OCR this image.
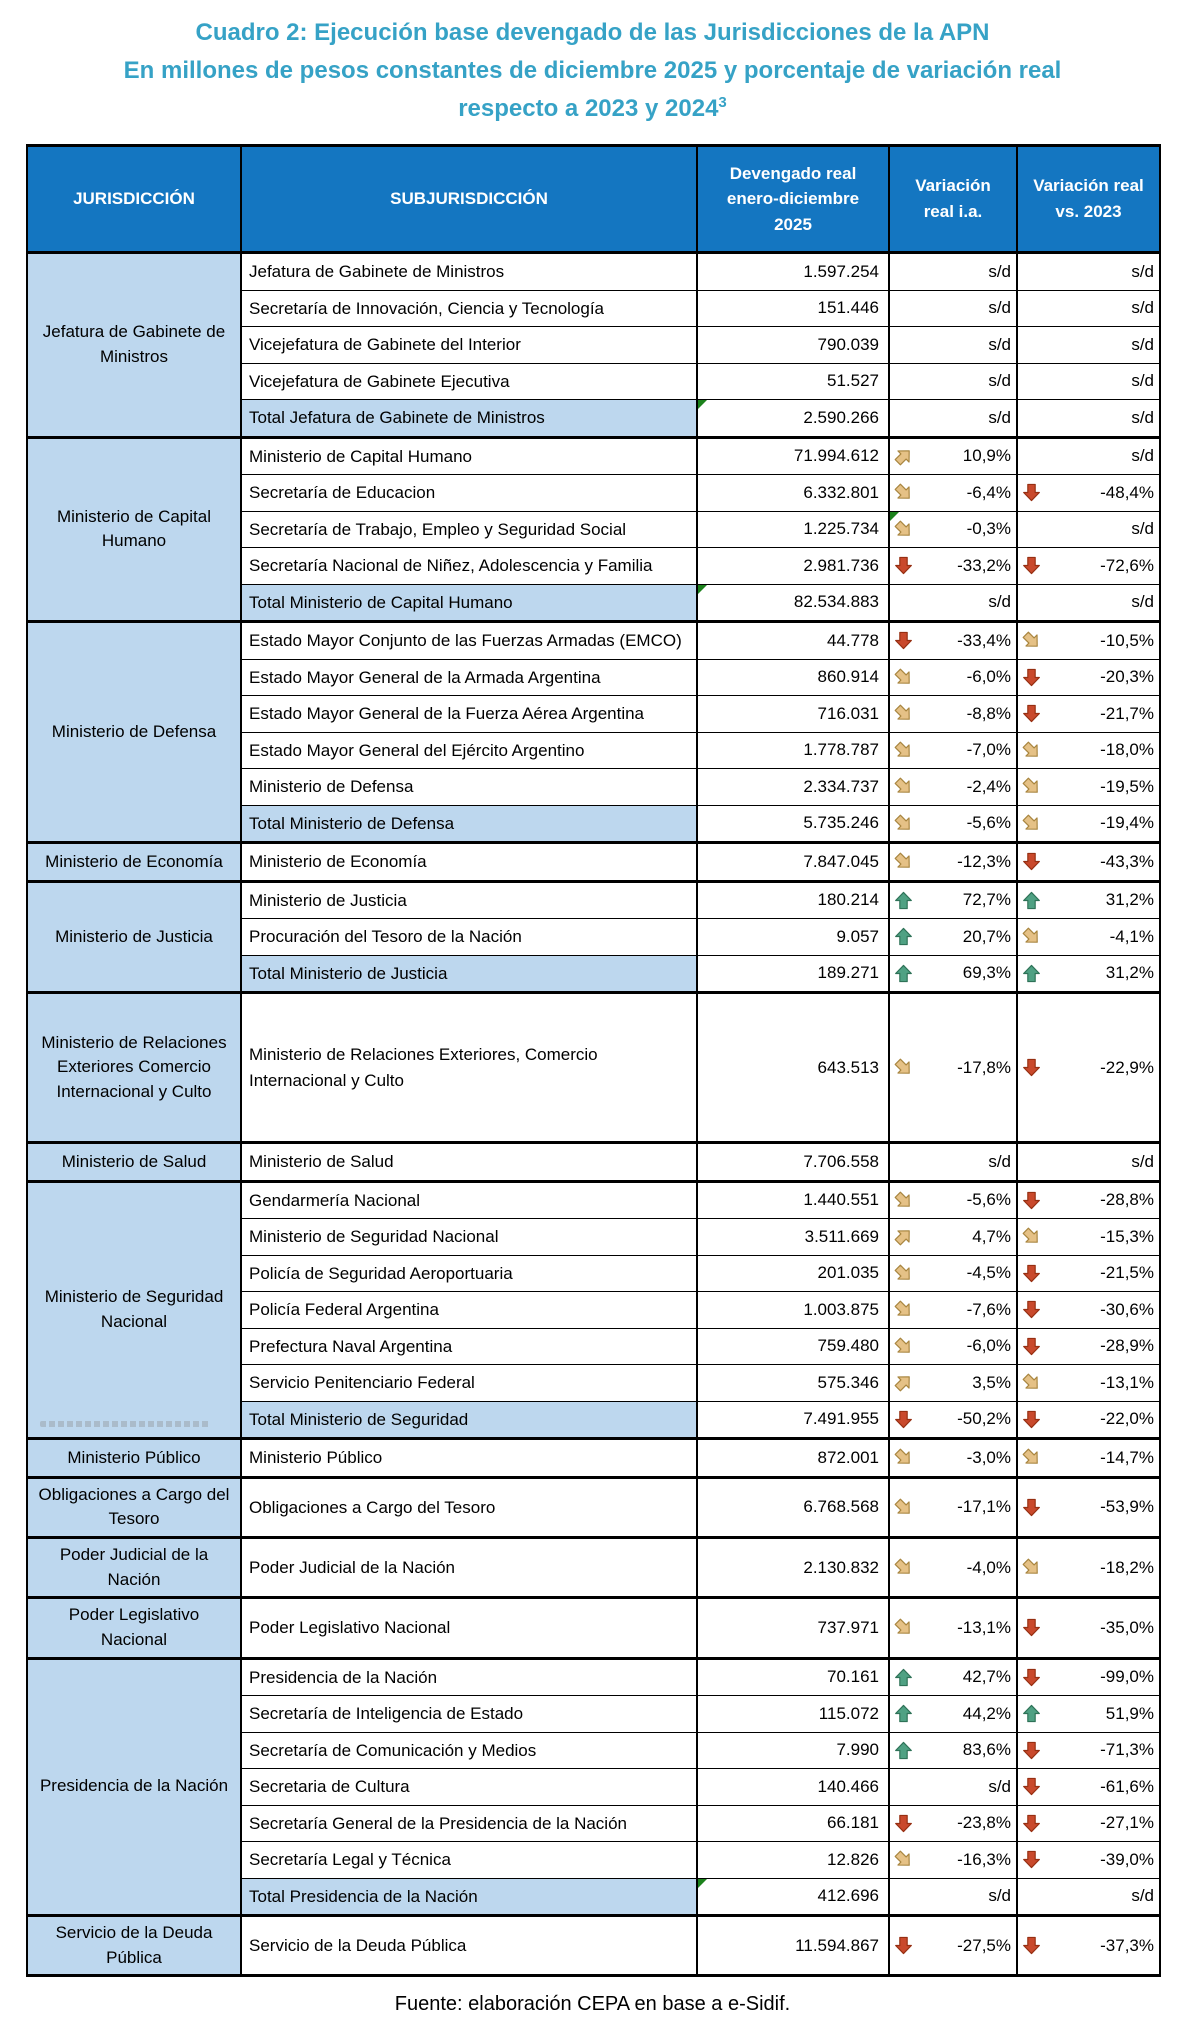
Cuadro 2: Ejecución base devengado de las Jurisdicciones de la APN
En millones de pesos constantes de diciembre 2025 y porcentaje de variación real
respecto a 2023 y 2024$^3$
JURISDICCIÓN	SUBJURISDICCIÓN	Devengado real enero-diciembre 2025	Variación real i.a.	Variación real vs. 2023
Jefatura de Gabinete de Ministros	Jefatura de Gabinete de Ministros	1.597.254	s/d	s/d

	Secretaría de Innovación, Ciencia y Tecnología	151.446	s/d	s/d

	Vicejefatura de Gabinete del Interior	790.039	s/d	s/d

	Vicejefatura de Gabinete Ejecutiva	51.527	s/d	s/d

	Total Jefatura de Gabinete de Ministros	2.590.266	s/d	s/d

Ministerio de Capital Humano	Ministerio de Capital Humano	71.994.612	10,9%	s/d

	Secretaría de Educacion	6.332.801	-6,4%	-48,4%

	Secretaría de Trabajo, Empleo y Seguridad Social	1.225.734	-0,3%	s/d

	Secretaría Nacional de Niñez, Adolescencia y Familia	2.981.736	-33,2%	-72,6%

	Total Ministerio de Capital Humano	82.534.883	s/d	s/d

Ministerio de Defensa	Estado Mayor Conjunto de las Fuerzas Armadas (EMCO)	44.778	-33,4%	-10,5%

	Estado Mayor General de la Armada Argentina	860.914	-6,0%	-20,3%

	Estado Mayor General de la Fuerza Aérea Argentina	716.031	-8,8%	-21,7%

	Estado Mayor General del Ejército Argentino	1.778.787	-7,0%	-18,0%

	Ministerio de Defensa	2.334.737	-2,4%	-19,5%

	Total Ministerio de Defensa	5.735.246	-5,6%	-19,4%

Ministerio de Economía	Ministerio de Economía	7.847.045	-12,3%	-43,3%

Ministerio de Justicia	Ministerio de Justicia	180.214	72,7%	31,2%

	Procuración del Tesoro de la Nación	9.057	20,7%	-4,1%

	Total Ministerio de Justicia	189.271	69,3%	31,2%

Ministerio de Relaciones Exteriores Comercio Internacional y Culto	Ministerio de Relaciones Exteriores, Comercio Internacional y Culto	643.513	-17,8%	-22,9%

Ministerio de Salud	Ministerio de Salud	7.706.558	s/d	s/d

Ministerio de Seguridad Nacional	Gendarmería Nacional	1.440.551	-5,6%	-28,8%

	Ministerio de Seguridad Nacional	3.511.669	4,7%	-15,3%

	Policía de Seguridad Aeroportuaria	201.035	-4,5%	-21,5%

	Policía Federal Argentina	1.003.875	-7,6%	-30,6%

	Prefectura Naval Argentina	759.480	-6,0%	-28,9%

	Servicio Penitenciario Federal	575.346	3,5%	-13,1%

	Total Ministerio de Seguridad	7.491.955	-50,2%	-22,0%

Ministerio Público	Ministerio Público	872.001	-3,0%	-14,7%

Obligaciones a Cargo del Tesoro	Obligaciones a Cargo del Tesoro	6.768.568	-17,1%	-53,9%

Poder Judicial de la Nación	Poder Judicial de la Nación	2.130.832	-4,0%	-18,2%

Poder Legislativo Nacional	Poder Legislativo Nacional	737.971	-13,1%	-35,0%

Presidencia de la Nación	Presidencia de la Nación	70.161	42,7%	-99,0%

	Secretaría de Inteligencia de Estado	115.072	44,2%	51,9%

	Secretaría de Comunicación y Medios	7.990	83,6%	-71,3%

	Secretaria de Cultura	140.466	s/d	-61,6%

	Secretaría General de la Presidencia de la Nación	66.181	-23,8%	-27,1%

	Secretaría Legal y Técnica	12.826	-16,3%	-39,0%

	Total Presidencia de la Nación	412.696	s/d	s/d

Servicio de la Deuda Pública	Servicio de la Deuda Pública	11.594.867	-27,5%	-37,3%
Fuente: elaboración CEPA en base a e-Sidif.
